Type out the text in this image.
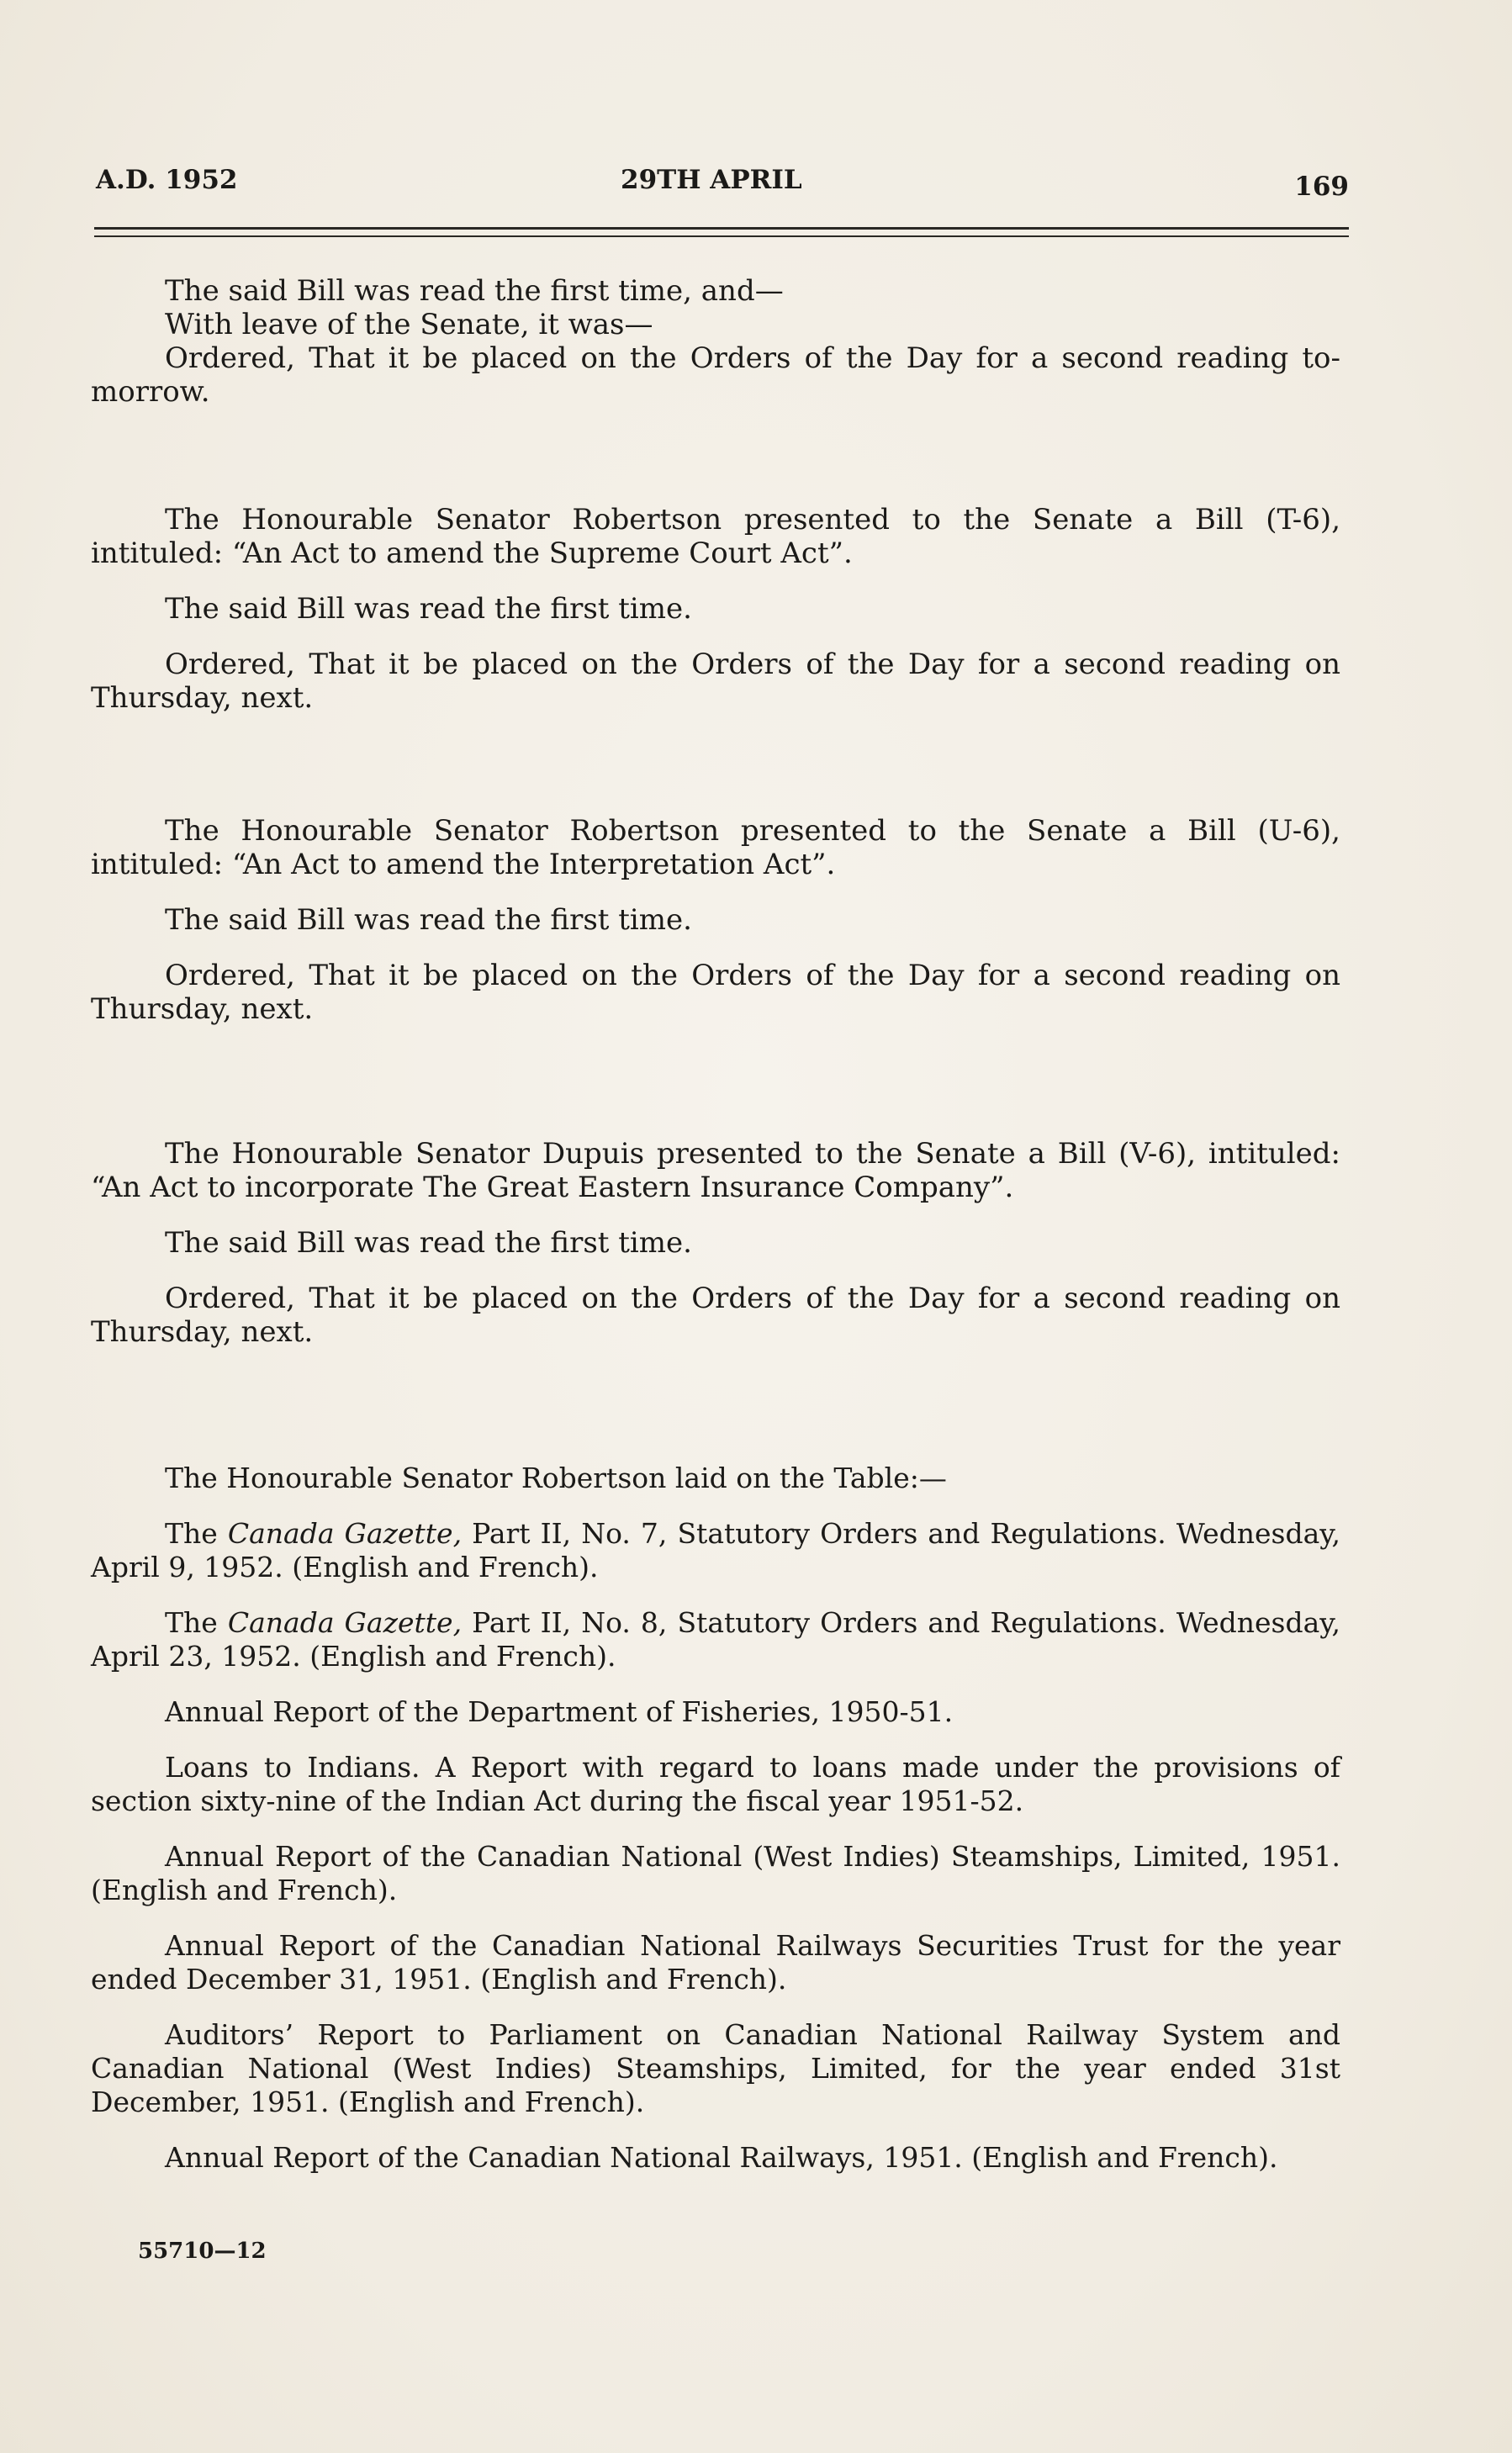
A.D. 1952	29TH APRIL	169

The said Bill was read the first time, and—

With leave of the Senate, it was—

Ordered, That it be placed on the Orders of the Day for a second reading to-morrow.

The Honourable Senator Robertson presented to the Senate a Bill (T-6), intituled: “An Act to amend the Supreme Court Act”.

The said Bill was read the first time.

Ordered, That it be placed on the Orders of the Day for a second reading on Thursday, next.

The Honourable Senator Robertson presented to the Senate a Bill (U-6), intituled: “An Act to amend the Interpretation Act”.

The said Bill was read the first time.

Ordered, That it be placed on the Orders of the Day for a second reading on Thursday, next.

The Honourable Senator Dupuis presented to the Senate a Bill (V-6), intituled: “An Act to incorporate The Great Eastern Insurance Company”.

The said Bill was read the first time.

Ordered, That it be placed on the Orders of the Day for a second reading on Thursday, next.

The Honourable Senator Robertson laid on the Table:—

The Canada Gazette, Part II, No. 7, Statutory Orders and Regulations. Wednesday, April 9, 1952. (English and French).

The Canada Gazette, Part II, No. 8, Statutory Orders and Regulations. Wednesday, April 23, 1952. (English and French).

Annual Report of the Department of Fisheries, 1950-51.

Loans to Indians. A Report with regard to loans made under the provisions of section sixty-nine of the Indian Act during the fiscal year 1951-52.

Annual Report of the Canadian National (West Indies) Steamships, Limited, 1951. (English and French).

Annual Report of the Canadian National Railways Securities Trust for the year ended December 31, 1951. (English and French).

Auditors’ Report to Parliament on Canadian National Railway System and Canadian National (West Indies) Steamships, Limited, for the year ended 31st December, 1951. (English and French).

Annual Report of the Canadian National Railways, 1951. (English and French).

55710—12
